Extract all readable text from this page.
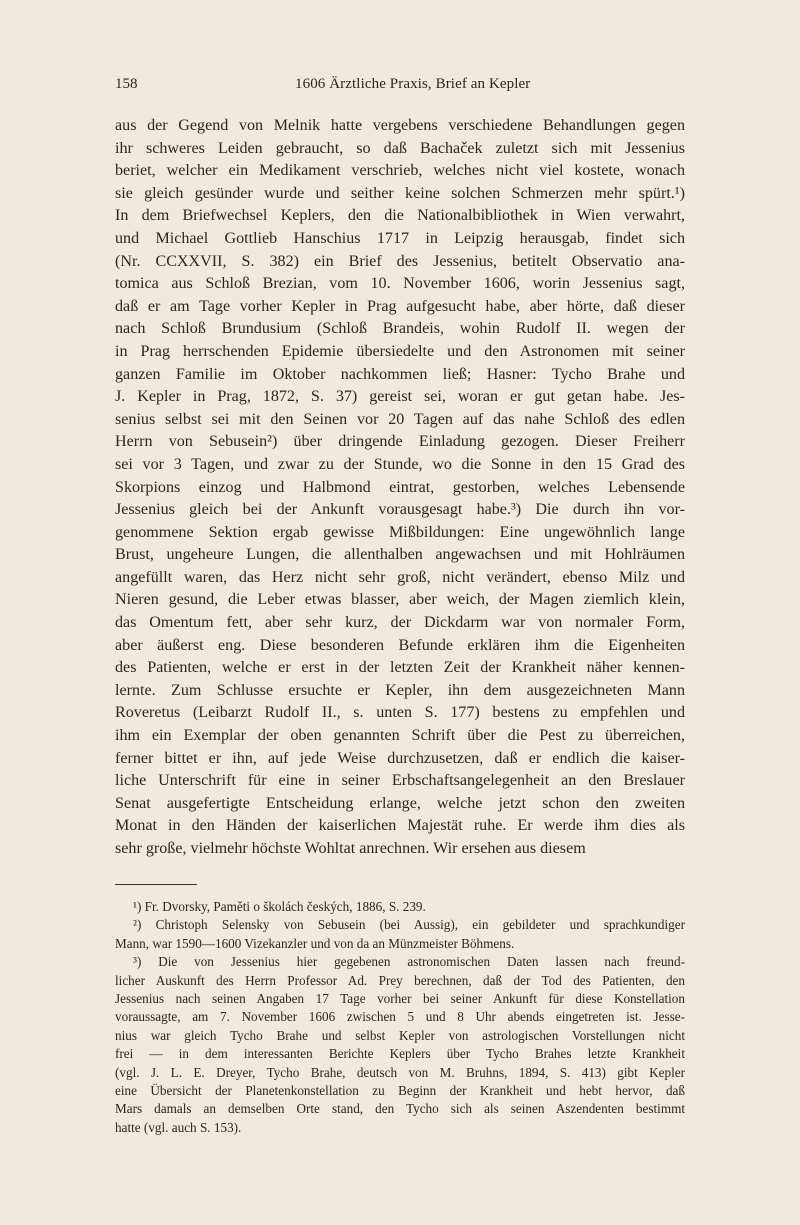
158	1606 Ärztliche Praxis, Brief an Kepler
aus der Gegend von Melnik hatte vergebens verschiedene Behandlungen gegen
ihr schweres Leiden gebraucht, so daß Bachaček zuletzt sich mit Jessenius
beriet, welcher ein Medikament verschrieb, welches nicht viel kostete, wonach
sie gleich gesünder wurde und seither keine solchen Schmerzen mehr spürt.¹)
In dem Briefwechsel Keplers, den die Nationalbibliothek in Wien verwahrt,
und Michael Gottlieb Hanschius 1717 in Leipzig herausgab, findet sich
(Nr. CCXXVII, S. 382) ein Brief des Jessenius, betitelt Observatio ana-
tomica aus Schloß Brezian, vom 10. November 1606, worin Jessenius sagt,
daß er am Tage vorher Kepler in Prag aufgesucht habe, aber hörte, daß dieser
nach Schloß Brundusium (Schloß Brandeis, wohin Rudolf II. wegen der
in Prag herrschenden Epidemie übersiedelte und den Astronomen mit seiner
ganzen Familie im Oktober nachkommen ließ; Hasner: Tycho Brahe und
J. Kepler in Prag, 1872, S. 37) gereist sei, woran er gut getan habe. Jes-
senius selbst sei mit den Seinen vor 20 Tagen auf das nahe Schloß des edlen
Herrn von Sebusein²) über dringende Einladung gezogen. Dieser Freiherr
sei vor 3 Tagen, und zwar zu der Stunde, wo die Sonne in den 15 Grad des
Skorpions einzog und Halbmond eintrat, gestorben, welches Lebensende
Jessenius gleich bei der Ankunft vorausgesagt habe.³) Die durch ihn vor-
genommene Sektion ergab gewisse Mißbildungen: Eine ungewöhnlich lange
Brust, ungeheure Lungen, die allenthalben angewachsen und mit Hohlräumen
angefüllt waren, das Herz nicht sehr groß, nicht verändert, ebenso Milz und
Nieren gesund, die Leber etwas blasser, aber weich, der Magen ziemlich klein,
das Omentum fett, aber sehr kurz, der Dickdarm war von normaler Form,
aber äußerst eng. Diese besonderen Befunde erklären ihm die Eigenheiten
des Patienten, welche er erst in der letzten Zeit der Krankheit näher kennen-
lernte. Zum Schlusse ersuchte er Kepler, ihn dem ausgezeichneten Mann
Roveretus (Leibarzt Rudolf II., s. unten S. 177) bestens zu empfehlen und
ihm ein Exemplar der oben genannten Schrift über die Pest zu überreichen,
ferner bittet er ihn, auf jede Weise durchzusetzen, daß er endlich die kaiser-
liche Unterschrift für eine in seiner Erbschaftsangelegenheit an den Breslauer
Senat ausgefertigte Entscheidung erlange, welche jetzt schon den zweiten
Monat in den Händen der kaiserlichen Majestät ruhe. Er werde ihm dies als
sehr große, vielmehr höchste Wohltat anrechnen. Wir ersehen aus diesem
¹) Fr. Dvorsky, Paměti o školách českých, 1886, S. 239.
²) Christoph Selensky von Sebusein (bei Aussig), ein gebildeter und sprachkundiger
Mann, war 1590—1600 Vizekanzler und von da an Münzmeister Böhmens.
³) Die von Jessenius hier gegebenen astronomischen Daten lassen nach freund-
licher Auskunft des Herrn Professor Ad. Prey berechnen, daß der Tod des Patienten, den
Jessenius nach seinen Angaben 17 Tage vorher bei seiner Ankunft für diese Konstellation
voraussagte, am 7. November 1606 zwischen 5 und 8 Uhr abends eingetreten ist. Jesse-
nius war gleich Tycho Brahe und selbst Kepler von astrologischen Vorstellungen nicht
frei — in dem interessanten Berichte Keplers über Tycho Brahes letzte Krankheit
(vgl. J. L. E. Dreyer, Tycho Brahe, deutsch von M. Bruhns, 1894, S. 413) gibt Kepler
eine Übersicht der Planetenkonstellation zu Beginn der Krankheit und hebt hervor, daß
Mars damals an demselben Orte stand, den Tycho sich als seinen Aszendenten bestimmt
hatte (vgl. auch S. 153).
